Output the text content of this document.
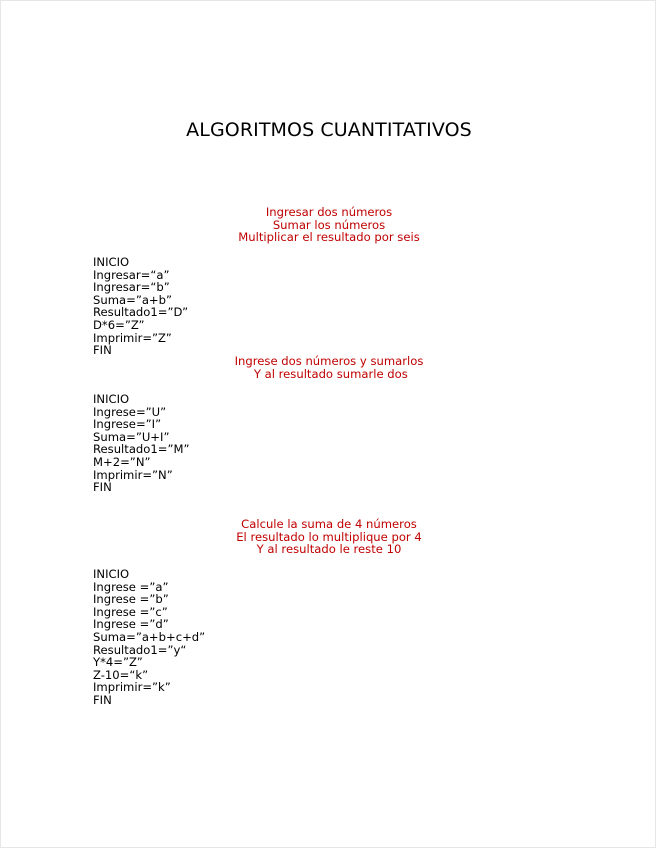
ALGORITMOS CUANTITATIVOS
Ingresar dos números
Sumar los números
Multiplicar el resultado por seis
INICIO
Ingresar=“a”
Ingresar=“b”
Suma=”a+b”
Resultado1=”D”
D*6=”Z”
Imprimir=”Z”
FIN
Ingrese dos números y sumarlos
Y al resultado sumarle dos
INICIO
Ingrese=”U”
Ingrese=”I”
Suma=”U+I”
Resultado1=”M”
M+2=”N”
Imprimir=”N”
FIN
Calcule la suma de 4 números
El resultado lo multiplique por 4
Y al resultado le reste 10
INICIO
Ingrese =”a”
Ingrese =”b”
Ingrese =”c”
Ingrese =”d”
Suma=”a+b+c+d”
Resultado1=”y“
Y*4=”Z”
Z-10=“k”
Imprimir=”k”
FIN
